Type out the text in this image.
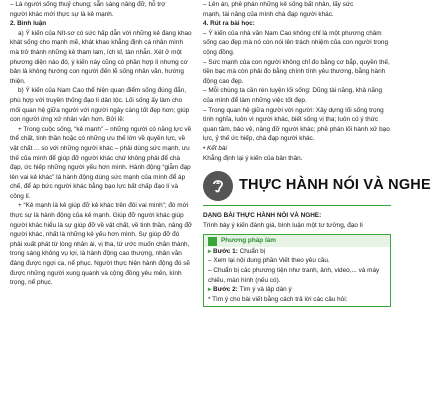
– Là người sống thuỷ chung; sẵn sàng nâng đỡ, hỗ trợ

người khác mới thực sự là kẻ mạnh.

2. Bình luận

a) Ý kiến của Nít-sơ có sức hấp dẫn với những kẻ đang khao khát sống cho mạnh mẽ, khát khao khẳng định cá nhân mình mà trở thành những kẻ tham lam, ích kỉ, tàn nhẫn. Xét ở một phương diện nào đó, ý kiến này cũng có phần hợp lí nhưng cơ bản là không hướng con người đến lẽ sống nhân văn, hướng thiện.

b) Ý kiến của Nam Cao thể hiện quan điểm sống đúng đắn, phù hợp với truyền thống đạo lí dân tộc. Lối sống ấy làm cho mối quan hệ giữa người với người ngày càng tốt đẹp hơn; giúp con người ứng xử nhân văn hơn. Bởi lẽ:

+ Trong cuộc sống, “kẻ mạnh” – những người có năng lực về thể chất, tinh thần hoặc có những ưu thế lớn về quyền lực, về vật chất ... so với những người khác – phải dùng sức mạnh, ưu thế của mình để giúp đỡ người khác chứ không phải để chà đạp, ức hiếp những người yếu hơn mình. Hành động “giẫm đạp lên vai kẻ khác” là hành động dùng sức mạnh của mình để áp chế, để áp bức người khác bằng bạo lực bất chấp đạo lí và công lí.

+ “Kẻ mạnh là kẻ giúp đỡ kẻ khác trên đôi vai mình”; đó mới thực sự là hành động của kẻ mạnh. Giúp đỡ người khác giúp người khác hiểu là sự giúp đỡ về vật chất, về tinh thần, nâng đỡ người khác, nhất là những kẻ yếu hơn mình. Sự giúp đỡ đó phải xuất phát từ lòng nhân ái, vị tha, từ ước muốn chân thành, trong sáng không vụ lợi, là hành động cao thượng, nhân văn đáng được ngợi ca, nể phục. Người thực hiện hành động đó sẽ được những người xung quanh và cộng đồng yêu mến, kính trọng, nể phục.

– Lên án, phê phán những kẻ sống bất nhân, lấy sức

mạnh, tài năng của mình chà đạp người khác.

4. Rút ra bài học:

– Ý kiến của nhà văn Nam Cao không chỉ là một phương châm sống cao đẹp mà nó còn nói lên trách nhiệm của con người trong cộng đồng.

– Sức mạnh của con người không chỉ đo bằng cơ bắp, quyền thế, tiền bạc mà còn phải đo bằng chính tình yêu thương, bằng hành động cao đẹp.

– Mỗi chúng ta cần rèn luyện lối sống: Dũng tài năng, khả năng của mình để làm những việc tốt đẹp.

– Trong quan hệ giữa người với người: Xây dựng lối sống trọng tình nghĩa, luôn vì người khác, biết sống vị tha; luôn có ý thức quan tâm, bảo vệ, nâng đỡ người khác; phê phán lối hành xử bạo lực, ỷ thế ức hiếp, chà đạp người khác.

• Kết bài

Khẳng định lại ý kiến của bản thân.

THỰC HÀNH NÓI VÀ NGHE

DẠNG BÀI THỰC HÀNH NÓI VÀ NGHE:

Trình bày ý kiến đánh giá, bình luận một tư tưởng, đạo lí

Phương pháp làm

▸ Bước 1: Chuẩn bị

– Xem lại nội dung phần Viết theo yêu cầu.

– Chuẩn bị các phương tiện như tranh, ảnh, video,... và máy chiếu, màn hình (nếu có).

▸ Bước 2: Tìm ý và lập dàn ý

* Tìm ý cho bài viết bằng cách trả lời các câu hỏi:
